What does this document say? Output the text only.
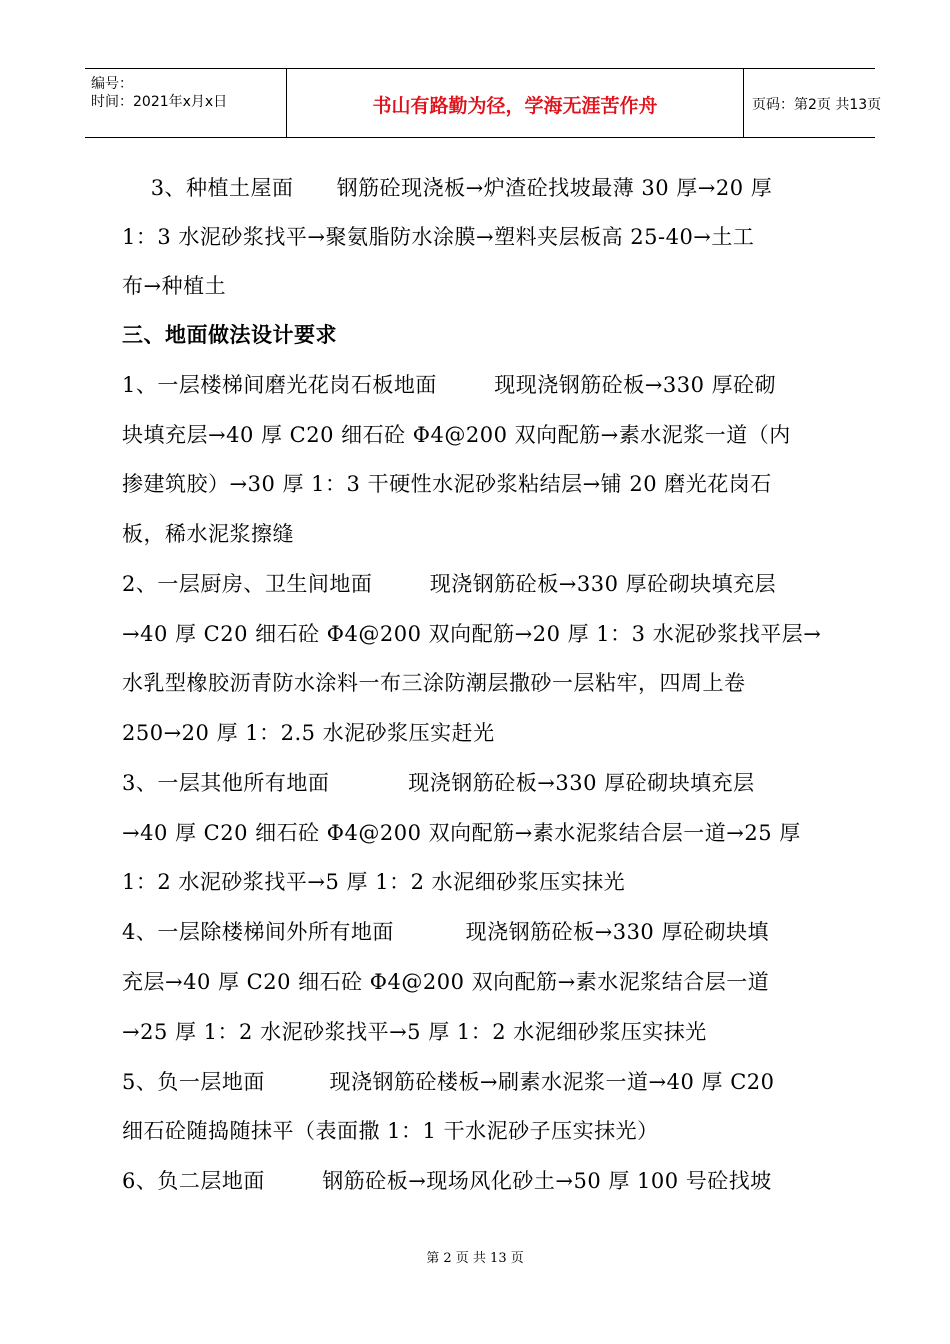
编号：
时间：2021年x月x日	书山有路勤为径，学海无涯苦作舟	页码：第2页 共13页
3、种植土屋面      钢筋砼现浇板→炉渣砼找坡最薄 30 厚→20 厚
1：3 水泥砂浆找平→聚氨脂防水涂膜→塑料夹层板高 25-40→土工
布→种植土
三、地面做法设计要求
1、一层楼梯间磨光花岗石板地面        现现浇钢筋砼板→330 厚砼砌
块填充层→40 厚 C20 细石砼 Φ4@200 双向配筋→素水泥浆一道（内
掺建筑胶）→30 厚 1：3 干硬性水泥砂浆粘结层→铺 20 磨光花岗石
板，稀水泥浆擦缝
2、一层厨房、卫生间地面        现浇钢筋砼板→330 厚砼砌块填充层
→40 厚 C20 细石砼 Φ4@200 双向配筋→20 厚 1：3 水泥砂浆找平层→
水乳型橡胶沥青防水涂料一布三涂防潮层撒砂一层粘牢，四周上卷
250→20 厚 1：2.5 水泥砂浆压实赶光
3、一层其他所有地面           现浇钢筋砼板→330 厚砼砌块填充层
→40 厚 C20 细石砼 Φ4@200 双向配筋→素水泥浆结合层一道→25 厚
1：2 水泥砂浆找平→5 厚 1：2 水泥细砂浆压实抹光
4、一层除楼梯间外所有地面          现浇钢筋砼板→330 厚砼砌块填
充层→40 厚 C20 细石砼 Φ4@200 双向配筋→素水泥浆结合层一道
→25 厚 1：2 水泥砂浆找平→5 厚 1：2 水泥细砂浆压实抹光
5、负一层地面         现浇钢筋砼楼板→刷素水泥浆一道→40 厚 C20
细石砼随捣随抹平（表面撒 1：1 干水泥砂子压实抹光）
6、负二层地面        钢筋砼板→现场风化砂土→50 厚 100 号砼找坡
第 2 页 共 13 页
